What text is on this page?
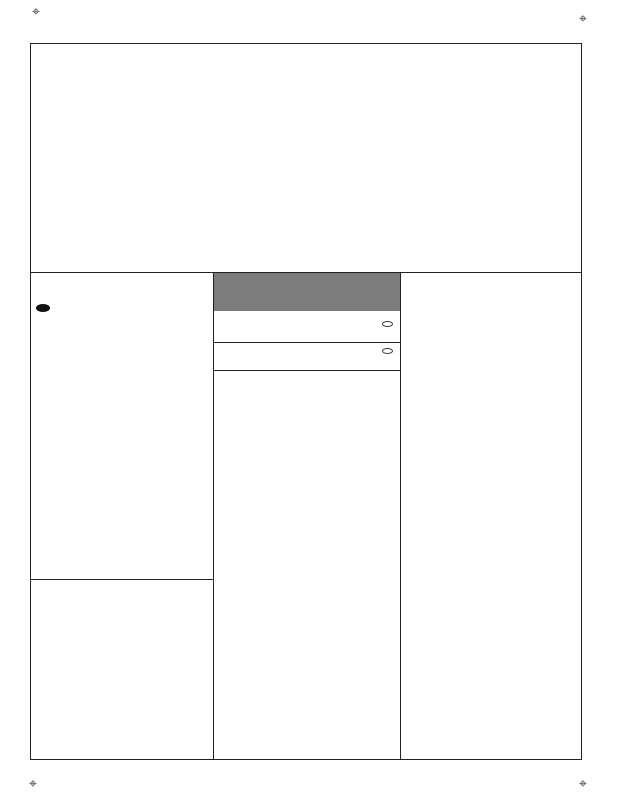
⌖	⌖
⌖	⌖
